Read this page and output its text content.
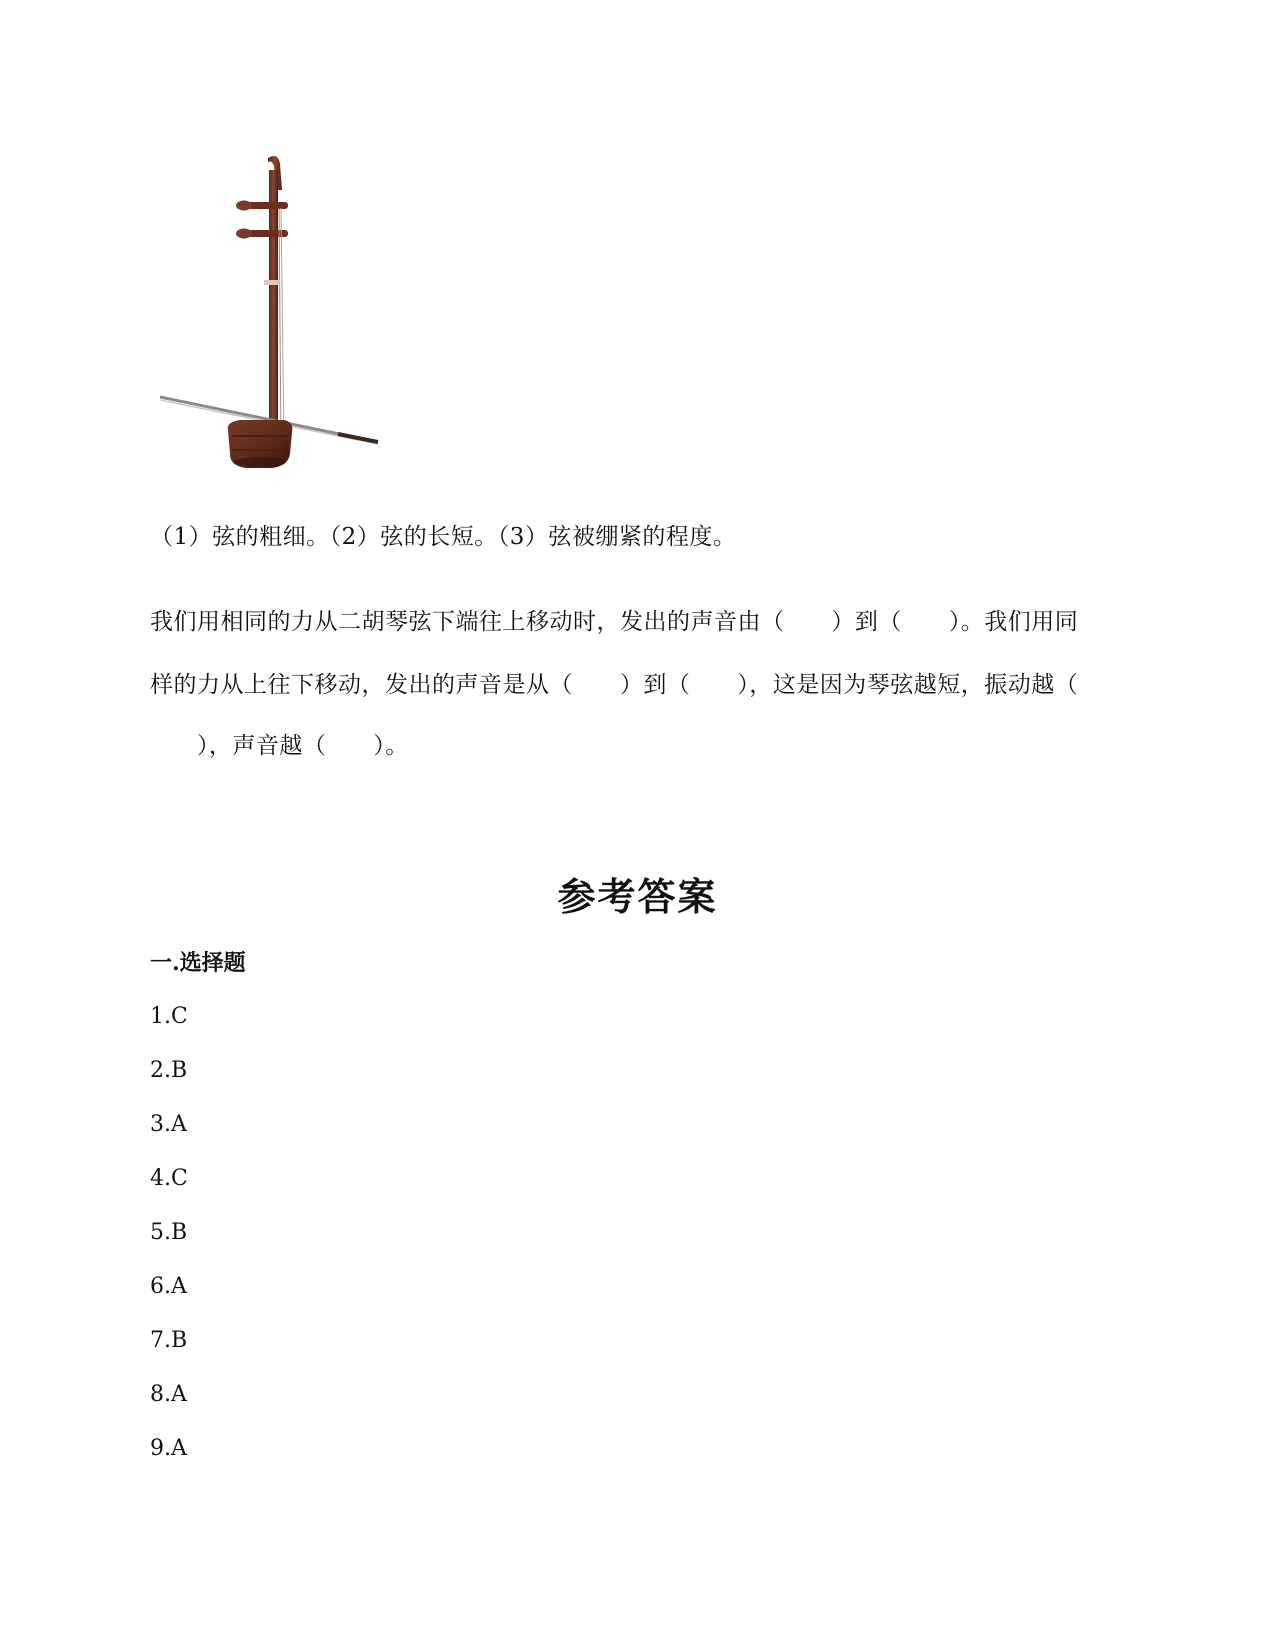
（1）弦的粗细。（2）弦的长短。（3）弦被绷紧的程度。
我们用相同的力从二胡琴弦下端往上移动时，发出的声音由（      ）到（      ）。我们用同
样的力从上往下移动，发出的声音是从（      ）到（      ），这是因为琴弦越短，振动越（
），声音越（      ）。
参考答案
一.选择题
1.C
2.B
3.A
4.C
5.B
6.A
7.B
8.A
9.A
